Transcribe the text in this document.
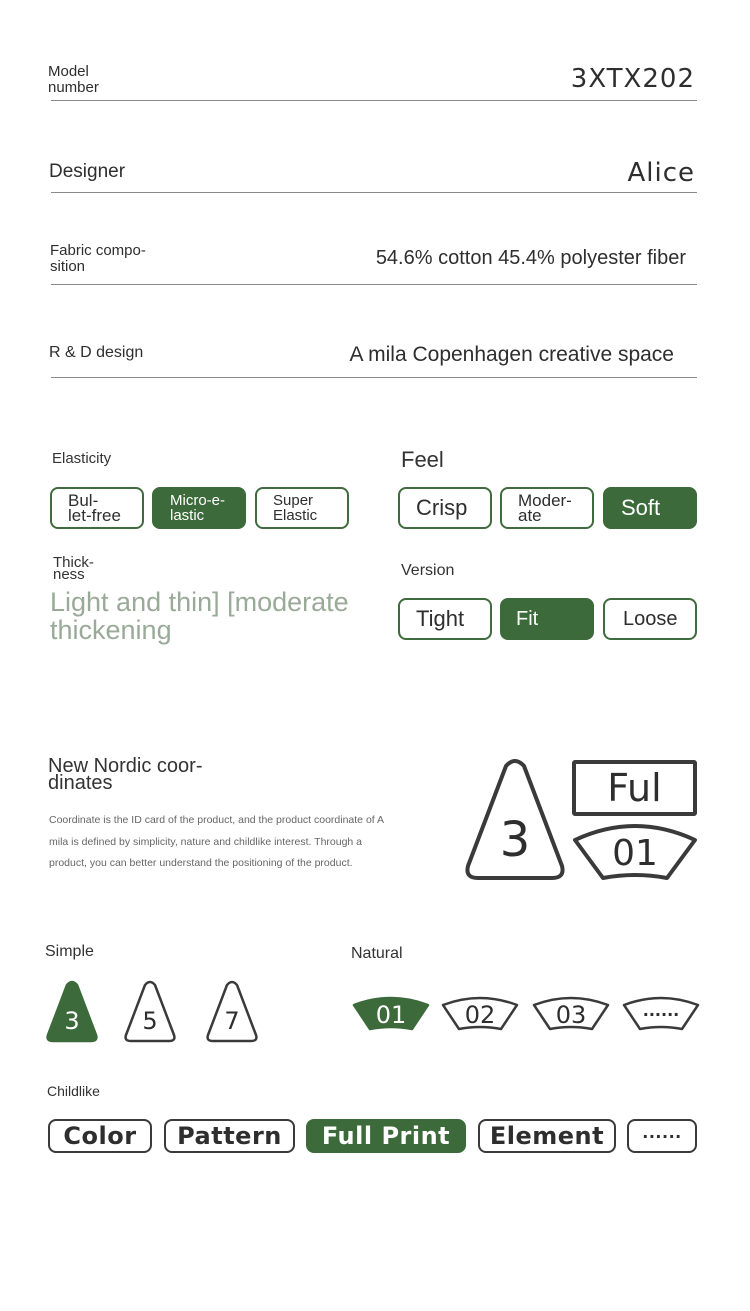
Model
number	3XTX202
Designer	Alice
Fabric compo-
sition	54.6% cotton 45.4% polyester fiber
R & D design	A mila Copenhagen creative space
Elasticity
Bul-
let-free
Micro-e-
lastic
Super
Elastic
Feel
Crisp	Moder-
ate	Soft
Thick-
ness
Light and thin] [moderate thickening
Version
Tight	Fit	Loose
New Nordic coor-
dinates
Coordinate is the ID card of the product, and the product coordinate of A mila is defined by simplicity, nature and childlike interest. Through a product, you can better understand the positioning of the product.	3
Ful
01
Simple
3	5	7
Natural
01 02	03	······
Childlike
Color Pattern Full Print Element ······
